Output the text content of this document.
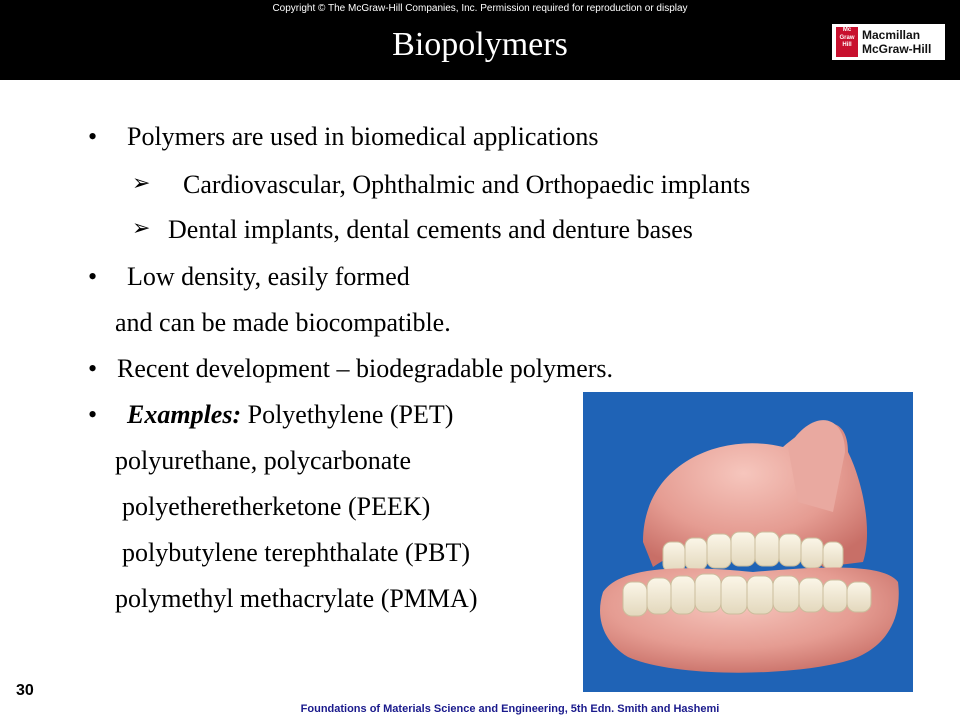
Copyright © The McGraw-Hill Companies, Inc. Permission required for reproduction or display
Biopolymers	Mc
Graw
Hill
Macmillan
McGraw-Hill
• Polymers are used in biomedical applications
➢ Cardiovascular, Ophthalmic and Orthopaedic implants
➢ Dental implants, dental cements and denture bases
• Low density, easily formed
and can be made biocompatible.
• Recent development – biodegradable polymers.
• Examples: Polyethylene (PET)
polyurethane, polycarbonate
polyetheretherketone (PEEK)
polybutylene terephthalate (PBT)
polymethyl methacrylate (PMMA)
30
Foundations of Materials Science and Engineering, 5th Edn. Smith and Hashemi
